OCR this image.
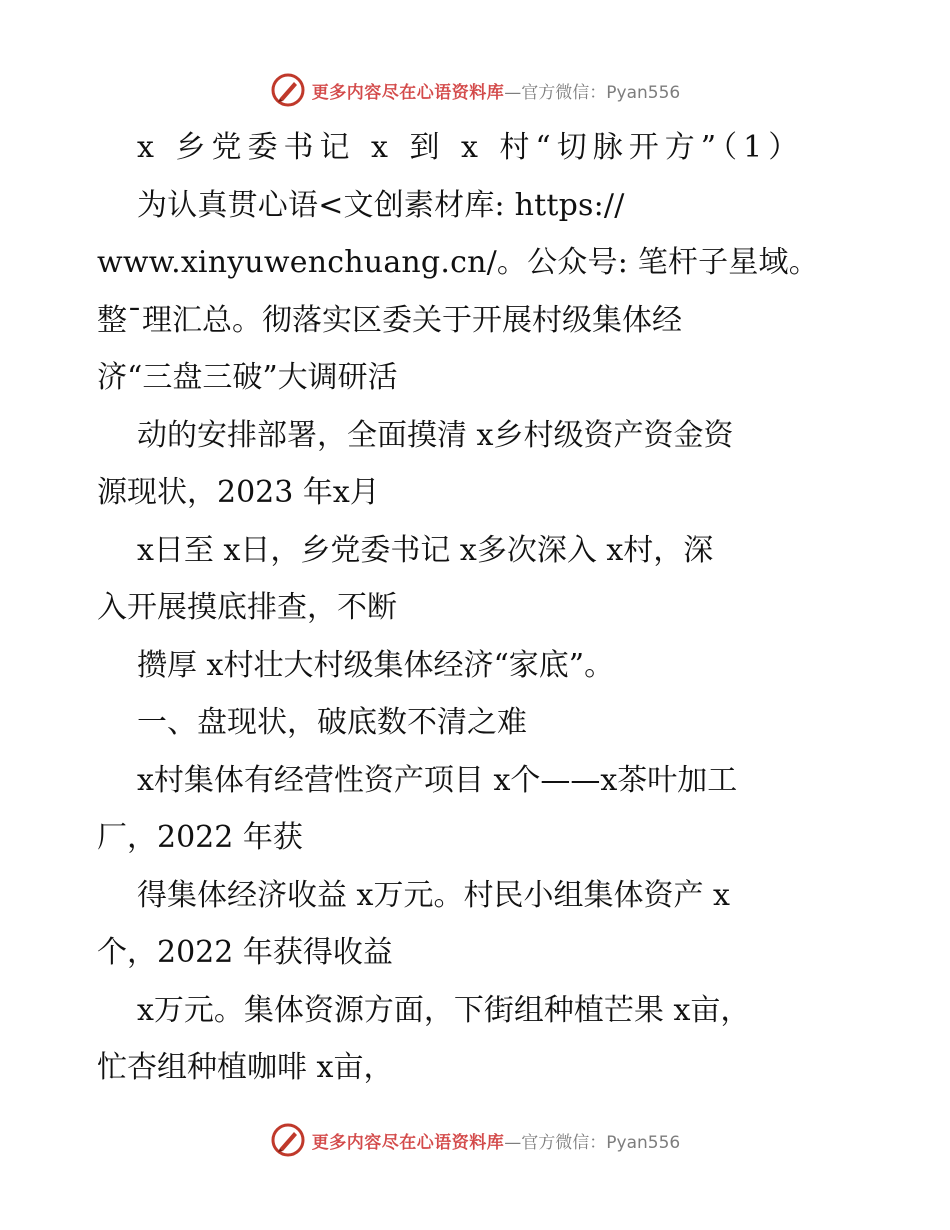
更多内容尽在心语资料库 —官方微信：Pyan556
x 乡党委书记 x 到 x 村“切脉开方”（1）
为认真贯心语<文创素材库: https://
www.xinyuwenchuang.cn/。公众号: 笔杆子星域。
整¯理汇总。彻落实区委关于开展村级集体经
济“三盘三破”大调研活
动的安排部署，全面摸清 x乡村级资产资金资
源现状，2023 年x月
x日至 x日，乡党委书记 x多次深入 x村，深
入开展摸底排查，不断
攒厚 x村壮大村级集体经济“家底”。
一、盘现状，破底数不清之难
x村集体有经营性资产项目 x个——x茶叶加工
厂，2022 年获
得集体经济收益 x万元。村民小组集体资产 x
个，2022 年获得收益
x万元。集体资源方面，下街组种植芒果 x亩，
忙杏组种植咖啡 x亩，
更多内容尽在心语资料库 —官方微信：Pyan556
